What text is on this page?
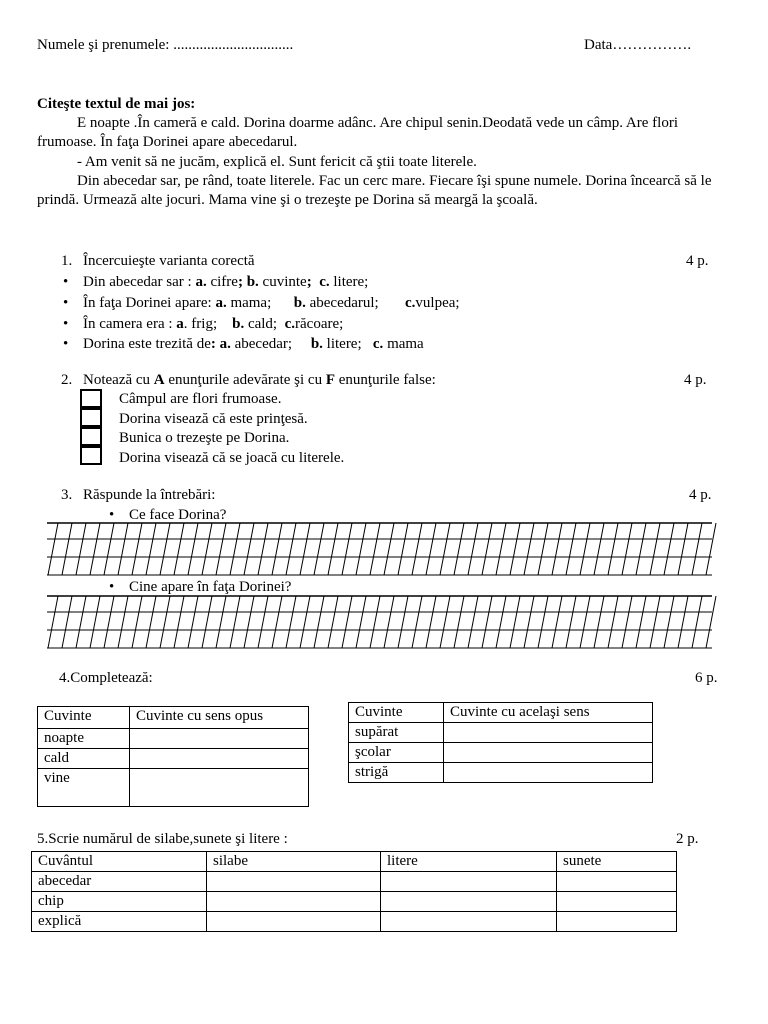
Numele şi prenumele: ................................	Data…………….
Citeşte textul de mai jos:
E noapte .În cameră e cald. Dorina doarme adânc. Are chipul senin.Deodată vede un câmp. Are flori frumoase. În faţa Dorinei apare abecedarul.
- Am venit să ne jucăm, explică el. Sunt fericit că ştii toate literele.
Din abecedar sar, pe rând, toate literele. Fac un cerc mare. Fiecare îşi spune numele. Dorina încearcă să le prindă. Urmează alte jocuri. Mama vine şi o trezeşte pe Dorina să meargă la şcoală.
1. Încercuieşte varianta corectă	4 p.
• Din abecedar sar : a. cifre; b. cuvinte;  c. litere;
• În faţa Dorinei apare: a. mama; b. abecedarul; c.vulpea;
• În camera era : a. frig; b. cald; c.răcoare;
• Dorina este trezită de: a. abecedar; b. litere; c. mama
2. Notează cu A enunţurile adevărate şi cu F enunţurile false:	4 p.
Câmpul are flori frumoase.
Dorina visează că este prinţesă.
Bunica o trezeşte pe Dorina.
Dorina visează că se joacă cu literele.
3. Răspunde la întrebări:	4 p.
• Ce face Dorina?
• Cine apare în faţa Dorinei?
4.Completează:	6 p.
Cuvinte	Cuvinte cu sens opus
noapte	
cald	
vine	
Cuvinte	Cuvinte cu acelaşi sens
supărat	
şcolar	
strigă	
5.Scrie numărul de silabe,sunete şi litere :	2 p.
Cuvântul	silabe	litere	sunete
abecedar			
chip			
explică			
